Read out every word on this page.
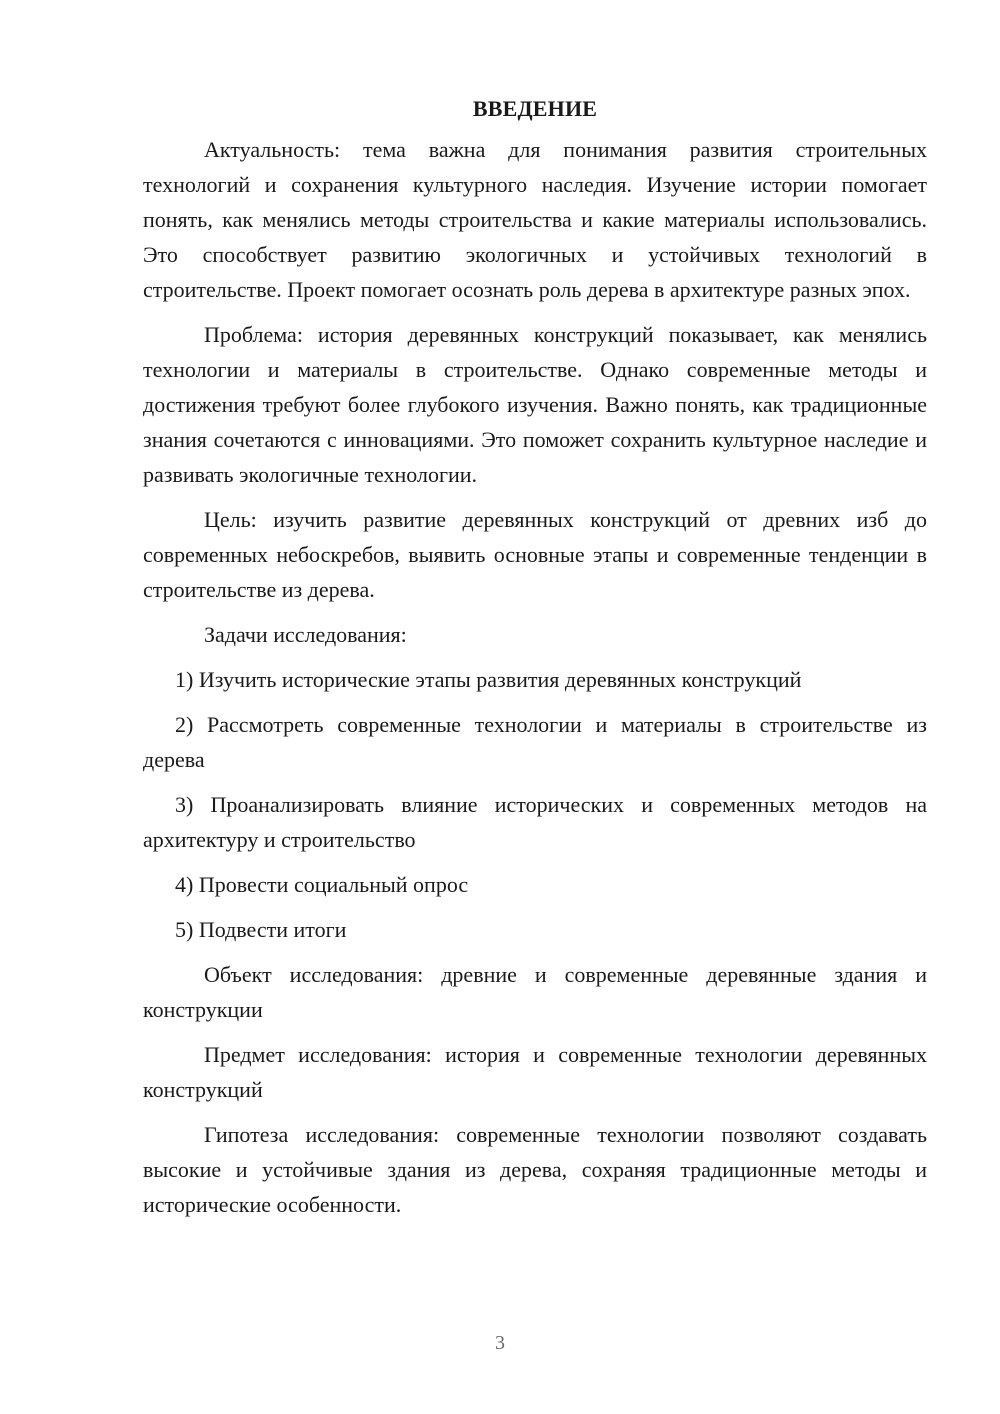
ВВЕДЕНИЕ

Актуальность: тема важна для понимания развития строительных технологий и сохранения культурного наследия. Изучение истории помогает понять, как менялись методы строительства и какие материалы использовались. Это способствует развитию экологичных и устойчивых технологий в строительстве. Проект помогает осознать роль дерева в архитектуре разных эпох.

Проблема: история деревянных конструкций показывает, как менялись технологии и материалы в строительстве. Однако современные методы и достижения требуют более глубокого изучения. Важно понять, как традиционные знания сочетаются с инновациями. Это поможет сохранить культурное наследие и развивать экологичные технологии.

Цель: изучить развитие деревянных конструкций от древних изб до современных небоскребов, выявить основные этапы и современные тенденции в строительстве из дерева.

Задачи исследования:

1) Изучить исторические этапы развития деревянных конструкций

2) Рассмотреть современные технологии и материалы в строительстве из дерева

3) Проанализировать влияние исторических и современных методов на архитектуру и строительство

4) Провести социальный опрос

5) Подвести итоги

Объект исследования: древние и современные деревянные здания и конструкции

Предмет исследования: история и современные технологии деревянных конструкций

Гипотеза исследования: современные технологии позволяют создавать высокие и устойчивые здания из дерева, сохраняя традиционные методы и исторические особенности.

3
